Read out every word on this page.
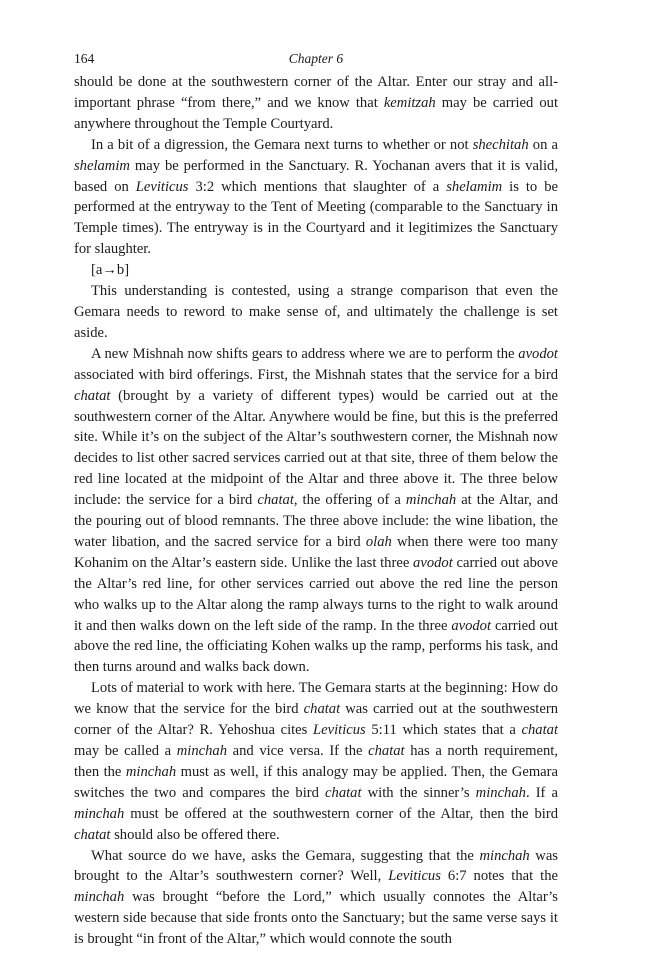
164	Chapter 6

should be done at the southwestern corner of the Altar. Enter our stray and all-important phrase “from there,” and we know that kemitzah may be carried out anywhere throughout the Temple Courtyard.

In a bit of a digression, the Gemara next turns to whether or not shechitah on a shelamim may be performed in the Sanctuary. R. Yochanan avers that it is valid, based on Leviticus 3:2 which mentions that slaughter of a shelamim is to be performed at the entryway to the Tent of Meeting (comparable to the Sanctuary in Temple times). The entryway is in the Courtyard and it legitimizes the Sanctuary for slaughter.

[a→b]

This understanding is contested, using a strange comparison that even the Gemara needs to reword to make sense of, and ultimately the challenge is set aside.

A new Mishnah now shifts gears to address where we are to perform the avodot associated with bird offerings. First, the Mishnah states that the service for a bird chatat (brought by a variety of different types) would be carried out at the southwestern corner of the Altar. Anywhere would be fine, but this is the preferred site. While it’s on the subject of the Altar’s southwestern corner, the Mishnah now decides to list other sacred services carried out at that site, three of them below the red line located at the midpoint of the Altar and three above it. The three below include: the service for a bird chatat, the offering of a minchah at the Altar, and the pouring out of blood remnants. The three above include: the wine libation, the water libation, and the sacred service for a bird olah when there were too many Kohanim on the Altar’s eastern side. Unlike the last three avodot carried out above the Altar’s red line, for other services carried out above the red line the person who walks up to the Altar along the ramp always turns to the right to walk around it and then walks down on the left side of the ramp. In the three avodot carried out above the red line, the officiating Kohen walks up the ramp, performs his task, and then turns around and walks back down.

Lots of material to work with here. The Gemara starts at the beginning: How do we know that the service for the bird chatat was carried out at the southwestern corner of the Altar? R. Yehoshua cites Leviticus 5:11 which states that a chatat may be called a minchah and vice versa. If the chatat has a north requirement, then the minchah must as well, if this analogy may be applied. Then, the Gemara switches the two and compares the bird chatat with the sinner’s minchah. If a minchah must be offered at the southwestern corner of the Altar, then the bird chatat should also be offered there.

What source do we have, asks the Gemara, suggesting that the minchah was brought to the Altar’s southwestern corner? Well, Leviticus 6:7 notes that the minchah was brought “before the Lord,” which usually connotes the Altar’s western side because that side fronts onto the Sanctuary; but the same verse says it is brought “in front of the Altar,” which would connote the south
